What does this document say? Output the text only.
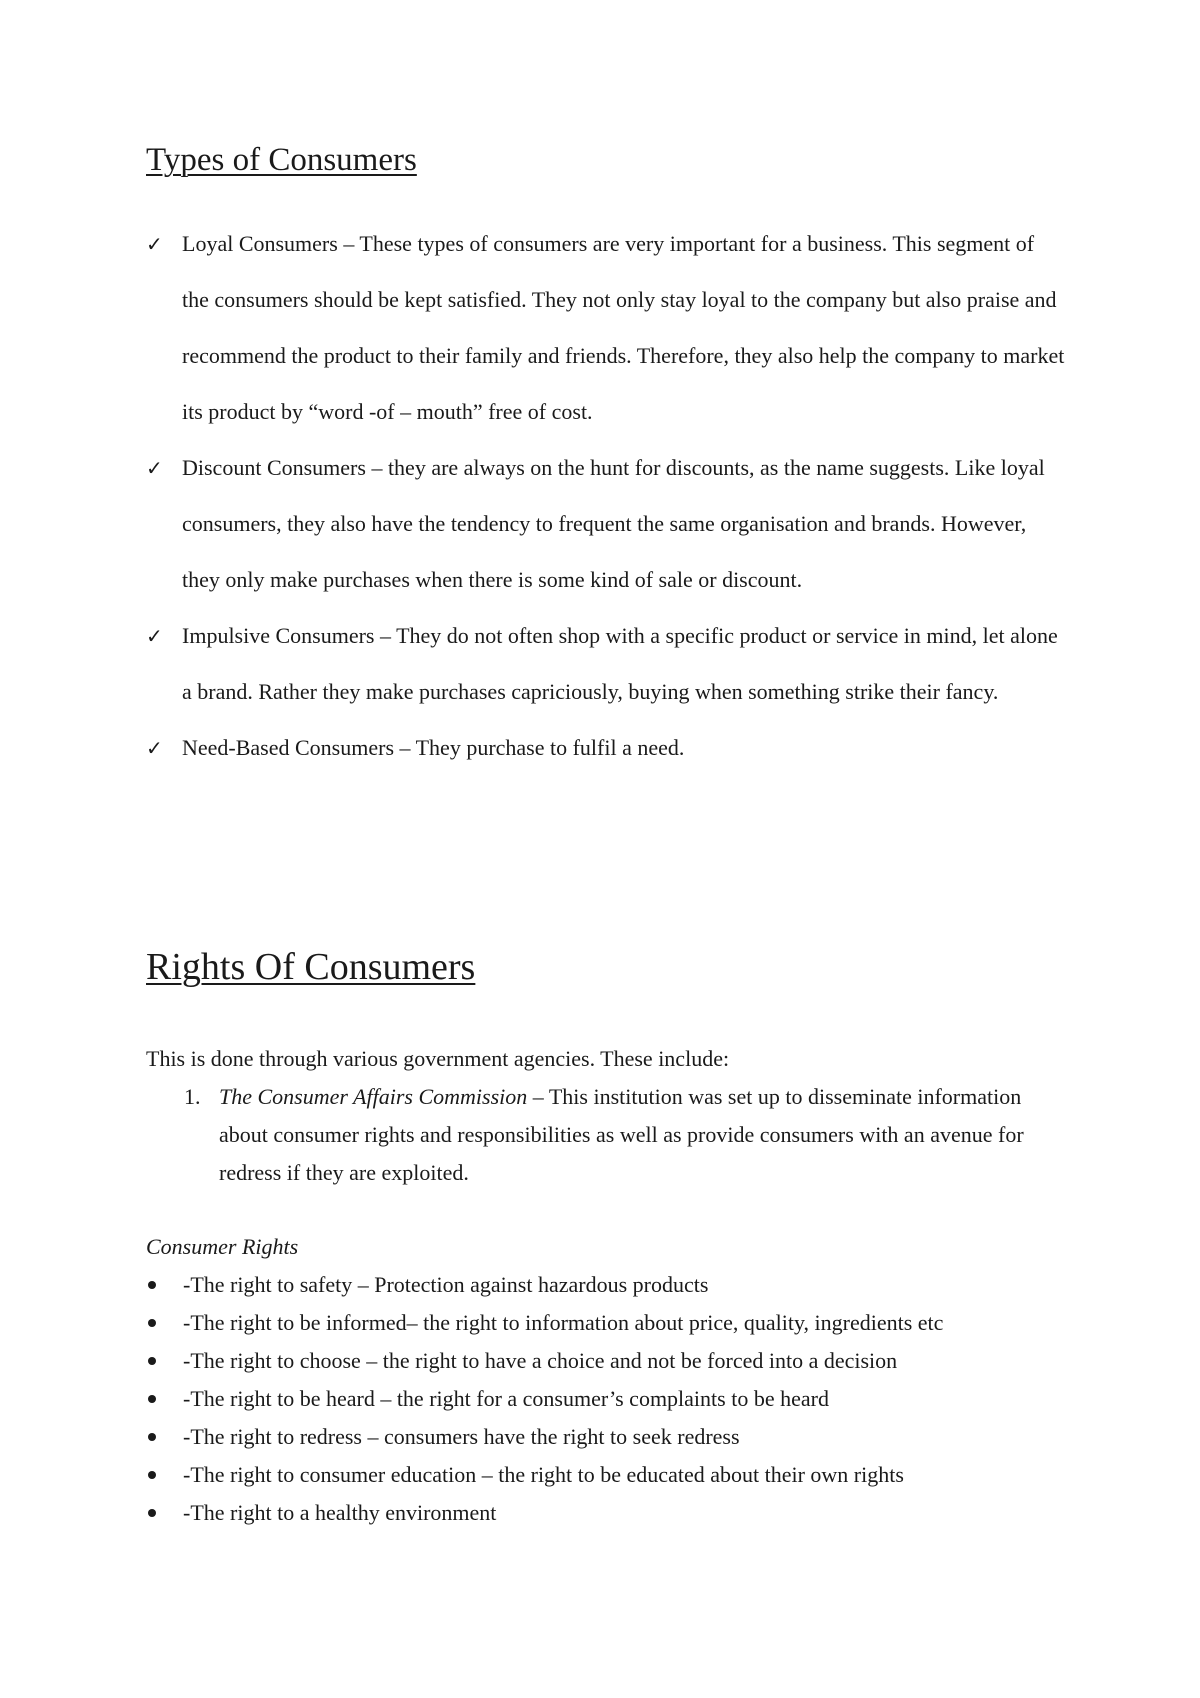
Types of Consumers
✓ Loyal Consumers – These types of consumers are very important for a business. This segment of the consumers should be kept satisfied. They not only stay loyal to the company but also praise and recommend the product to their family and friends. Therefore, they also help the company to market its product by “word -of – mouth” free of cost.
✓ Discount Consumers – they are always on the hunt for discounts, as the name suggests. Like loyal consumers, they also have the tendency to frequent the same organisation and brands. However, they only make purchases when there is some kind of sale or discount.
✓ Impulsive Consumers – They do not often shop with a specific product or service in mind, let alone a brand. Rather they make purchases capriciously, buying when something strike their fancy.
✓ Need-Based Consumers – They purchase to fulfil a need.
Rights Of Consumers

This is done through various government agencies. These include:

1. The Consumer Affairs Commission – This institution was set up to disseminate information about consumer rights and responsibilities as well as provide consumers with an avenue for redress if they are exploited.
Consumer Rights
-The right to safety – Protection against hazardous products
-The right to be informed– the right to information about price, quality, ingredients etc
-The right to choose – the right to have a choice and not be forced into a decision
-The right to be heard – the right for a consumer’s complaints to be heard
-The right to redress – consumers have the right to seek redress
-The right to consumer education – the right to be educated about their own rights
-The right to a healthy environment
